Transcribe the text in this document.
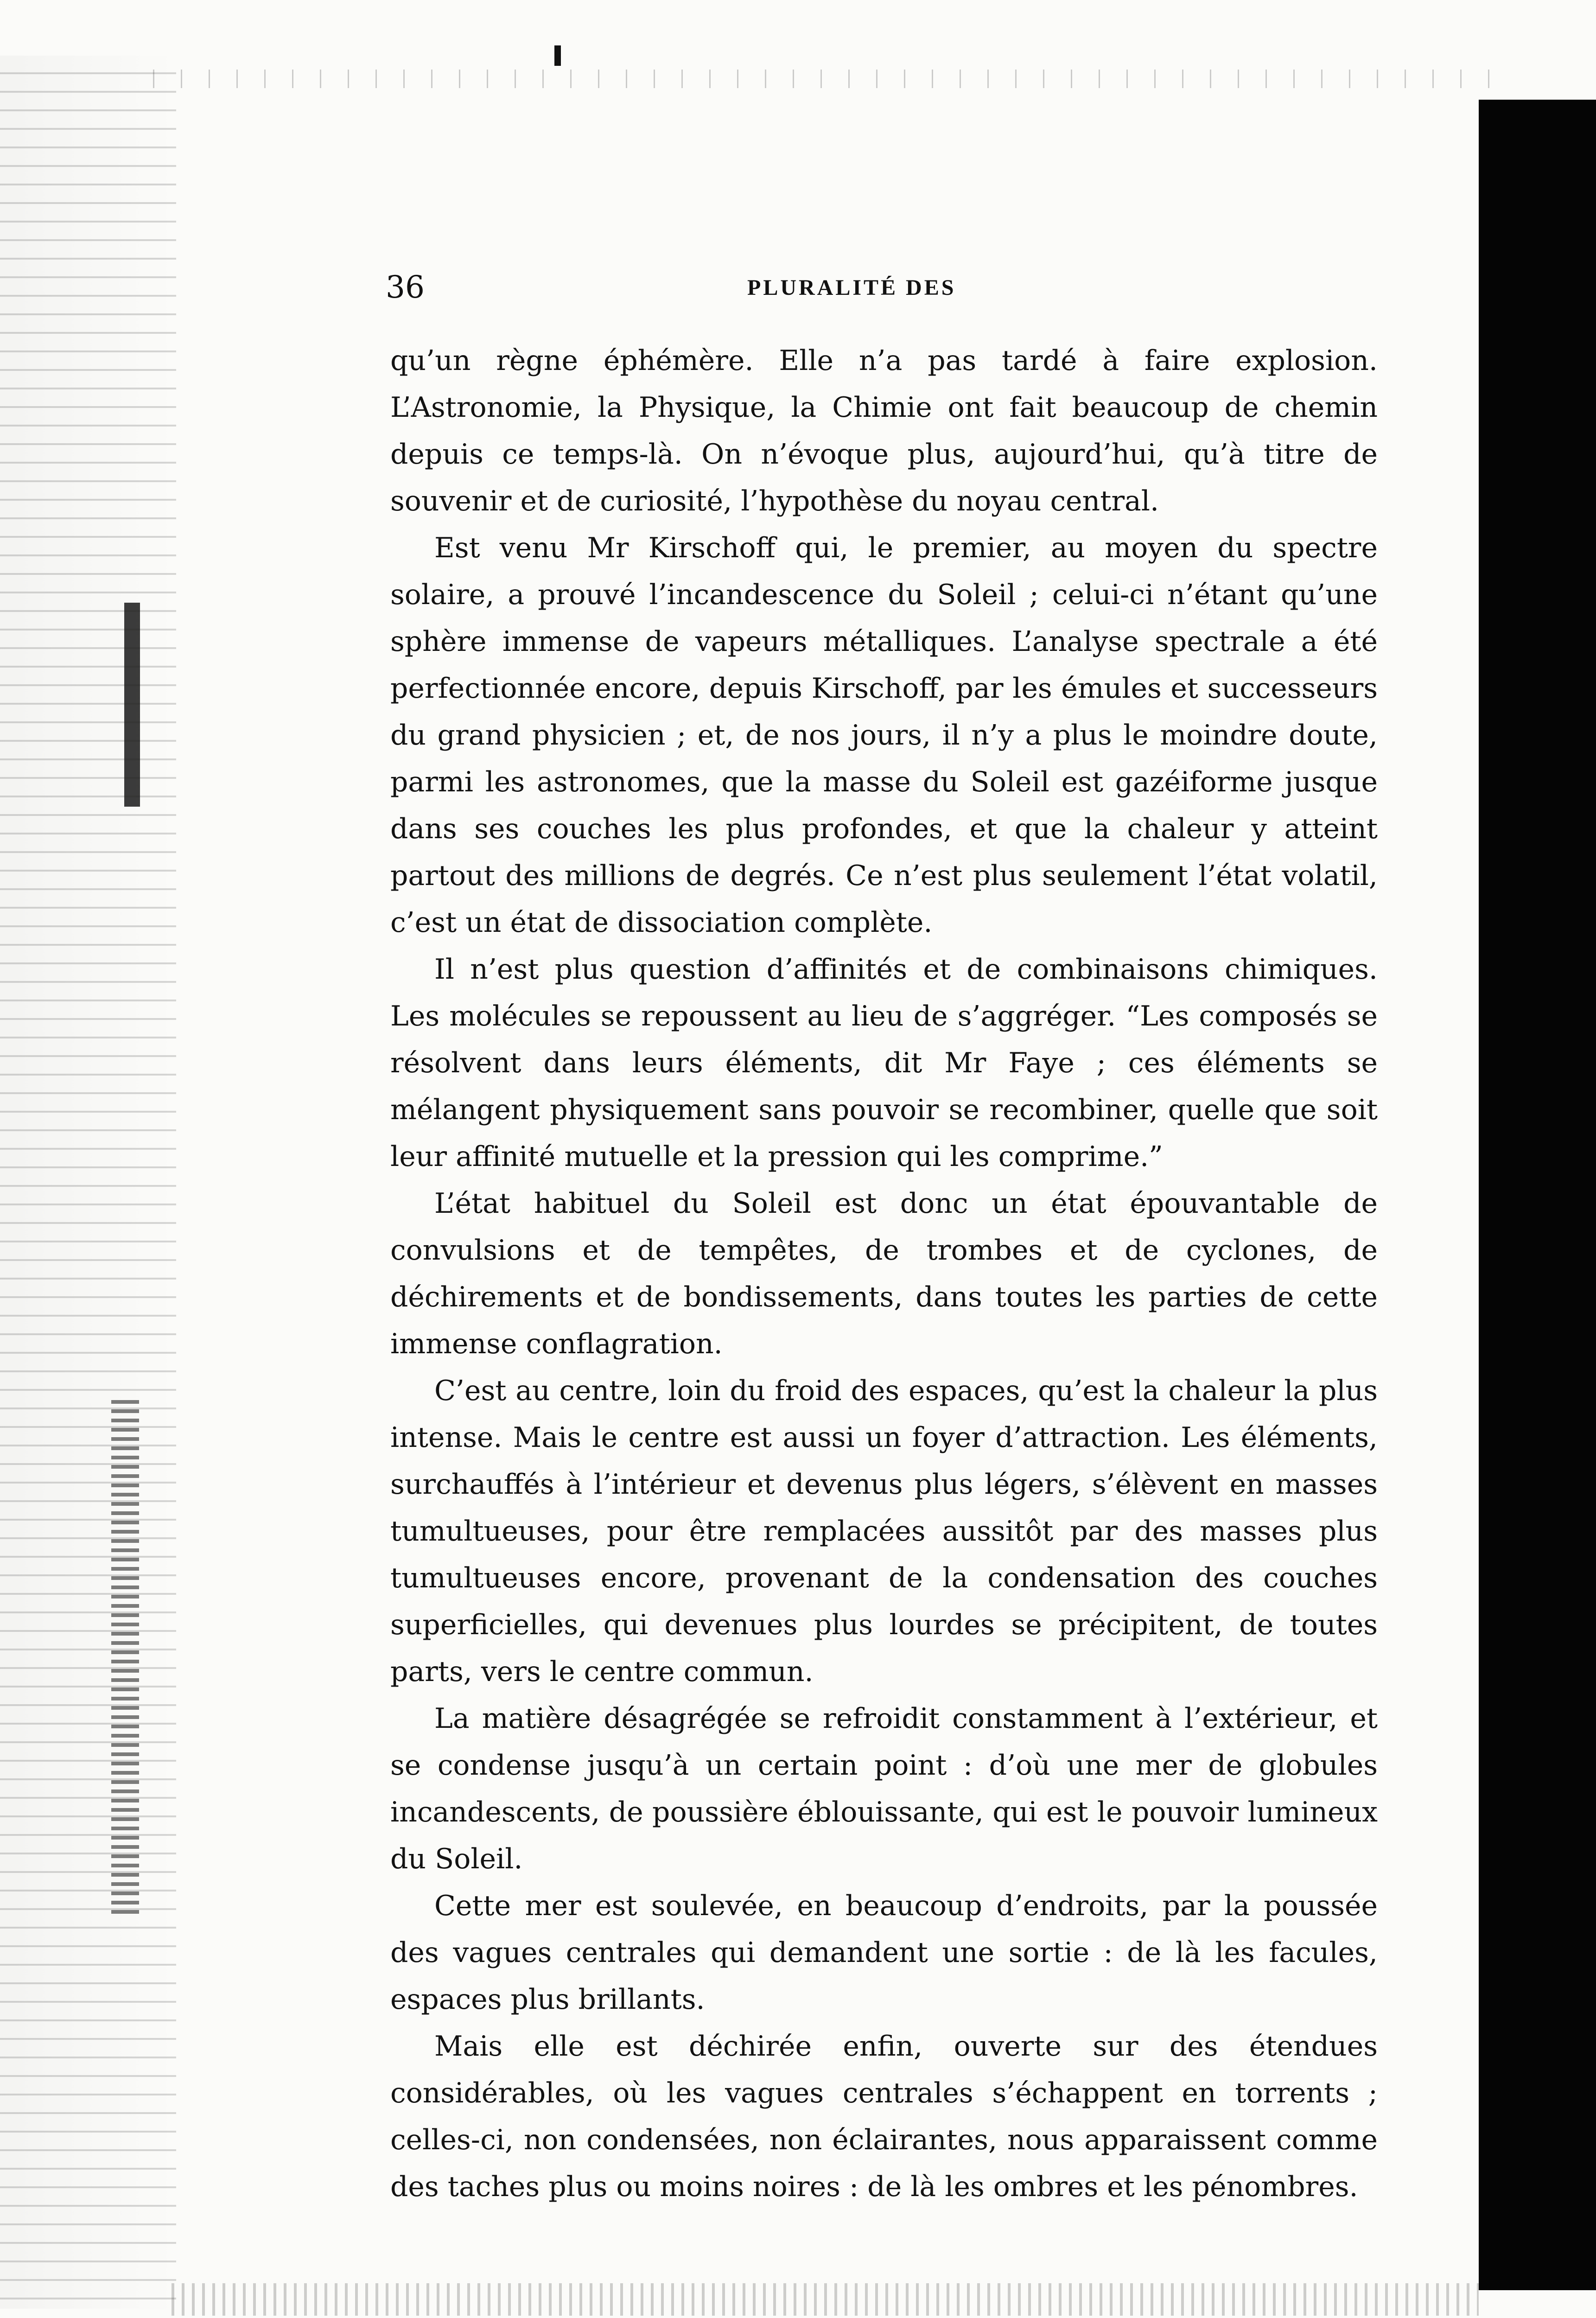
36	PLURALITÉ DES

qu’un règne éphémère. Elle n’a pas tardé à faire explosion. L’Astronomie, la Physique, la Chimie ont fait beaucoup de chemin depuis ce temps-là. On n’évoque plus, aujourd’hui, qu’à titre de souvenir et de curiosité, l’hypothèse du noyau central.

Est venu Mr Kirschoff qui, le premier, au moyen du spectre solaire, a prouvé l’incandescence du Soleil ; celui-ci n’étant qu’une sphère immense de vapeurs métalliques. L’analyse spectrale a été perfectionnée encore, depuis Kirschoff, par les émules et successeurs du grand physicien ; et, de nos jours, il n’y a plus le moindre doute, parmi les astronomes, que la masse du Soleil est gazéiforme jusque dans ses couches les plus profondes, et que la chaleur y atteint partout des millions de degrés. Ce n’est plus seulement l’état volatil, c’est un état de dissociation complète.

Il n’est plus question d’affinités et de combinaisons chimiques. Les molécules se repoussent au lieu de s’aggréger. “Les composés se résolvent dans leurs éléments, dit Mr Faye ; ces éléments se mélangent physiquement sans pouvoir se recombiner, quelle que soit leur affinité mutuelle et la pression qui les comprime.”

L’état habituel du Soleil est donc un état épouvantable de convulsions et de tempêtes, de trombes et de cyclones, de déchirements et de bondissements, dans toutes les parties de cette immense conflagration.

C’est au centre, loin du froid des espaces, qu’est la chaleur la plus intense. Mais le centre est aussi un foyer d’attraction. Les éléments, surchauffés à l’intérieur et devenus plus légers, s’élèvent en masses tumultueuses, pour être remplacées aussitôt par des masses plus tumultueuses encore, provenant de la condensation des couches superficielles, qui devenues plus lourdes se précipitent, de toutes parts, vers le centre commun.

La matière désagrégée se refroidit constamment à l’extérieur, et se condense jusqu’à un certain point : d’où une mer de globules incandescents, de poussière éblouissante, qui est le pouvoir lumineux du Soleil.

Cette mer est soulevée, en beaucoup d’endroits, par la poussée des vagues centrales qui demandent une sortie : de là les facules, espaces plus brillants.

Mais elle est déchirée enfin, ouverte sur des étendues considérables, où les vagues centrales s’échappent en torrents ; celles-ci, non condensées, non éclairantes, nous apparaissent comme des taches plus ou moins noires : de là les ombres et les pénombres.
